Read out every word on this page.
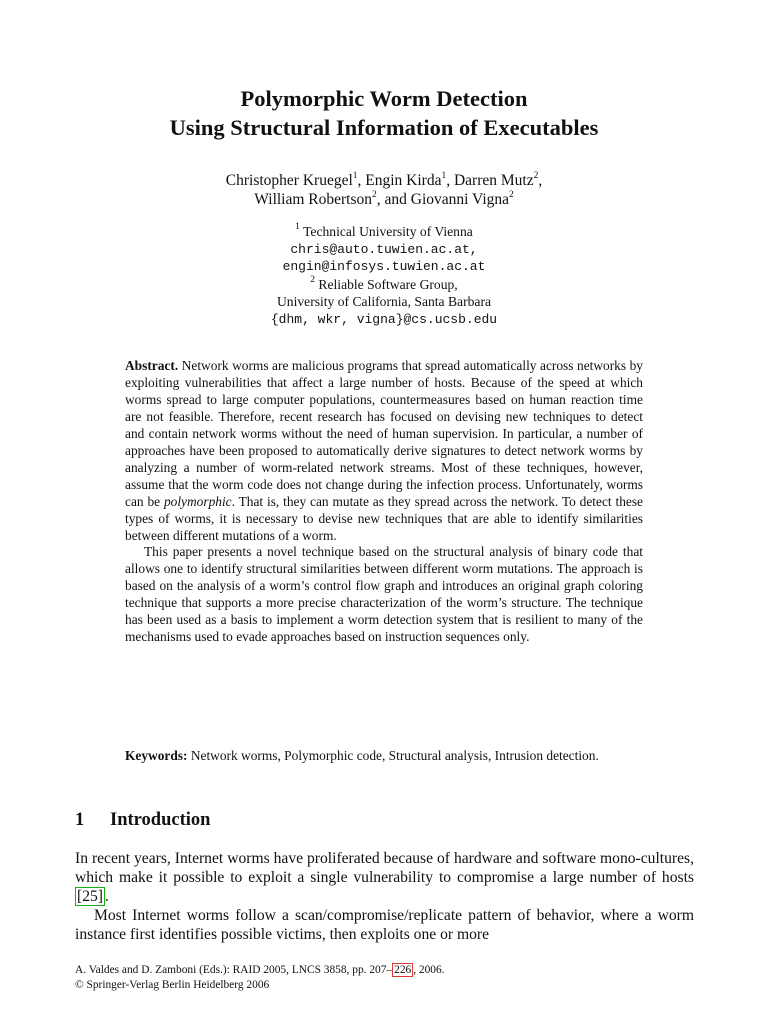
Polymorphic Worm Detection
Using Structural Information of Executables
Christopher Kruegel$^1$, Engin Kirda$^1$, Darren Mutz$^2$,
William Robertson$^2$, and Giovanni Vigna$^2$
$^1$ Technical University of Vienna
chris@auto.tuwien.ac.at,
engin@infosys.tuwien.ac.at
$^2$ Reliable Software Group,
University of California, Santa Barbara
{dhm, wkr, vigna}@cs.ucsb.edu

Abstract. Network worms are malicious programs that spread automatically across networks by exploiting vulnerabilities that affect a large number of hosts. Because of the speed at which worms spread to large computer populations, countermeasures based on human reaction time are not feasible. Therefore, recent research has focused on devising new techniques to detect and contain network worms without the need of human supervision. In particular, a number of approaches have been proposed to automatically derive signatures to detect network worms by analyzing a number of worm-related network streams. Most of these techniques, however, assume that the worm code does not change during the infection process. Unfortunately, worms can be polymorphic. That is, they can mutate as they spread across the network. To detect these types of worms, it is necessary to devise new techniques that are able to identify similarities between different mutations of a worm.

This paper presents a novel technique based on the structural analysis of binary code that allows one to identify structural similarities between different worm mutations. The approach is based on the analysis of a worm’s control flow graph and introduces an original graph coloring technique that supports a more precise characterization of the worm’s structure. The technique has been used as a basis to implement a worm detection system that is resilient to many of the mechanisms used to evade approaches based on instruction sequences only.

Keywords: Network worms, Polymorphic code, Structural analysis, Intrusion detection.
1 Introduction

In recent years, Internet worms have proliferated because of hardware and software mono-cultures, which make it possible to exploit a single vulnerability to compromise a large number of hosts [25] .

Most Internet worms follow a scan/compromise/replicate pattern of behavior, where a worm instance first identifies possible victims, then exploits one or more

A. Valdes and D. Zamboni (Eds.): RAID 2005, LNCS 3858, pp. 207– 226 , 2006.
© Springer-Verlag Berlin Heidelberg 2006
